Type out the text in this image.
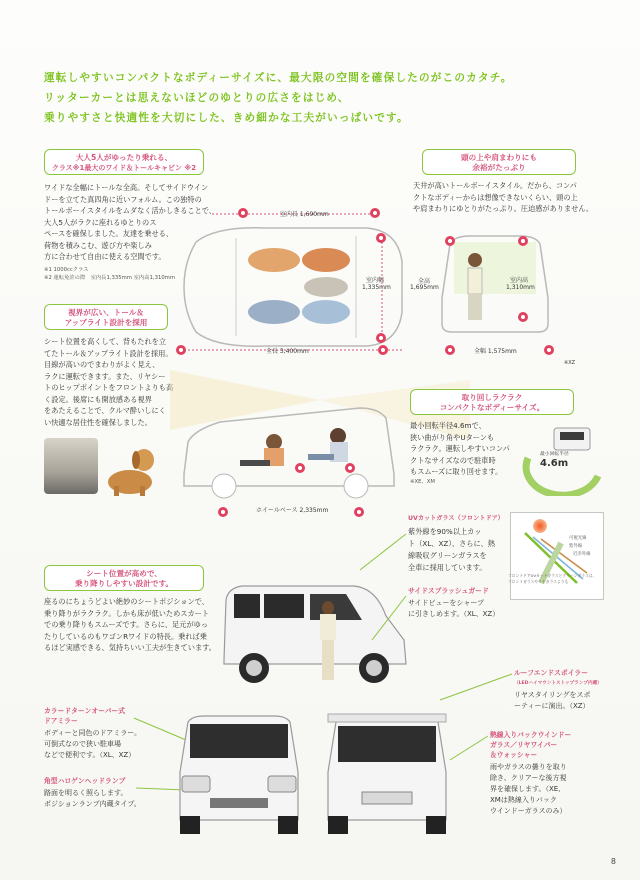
運転しやすいコンパクトなボディーサイズに、最大限の空間を確保したのがこのカタチ。
リッターカーとは思えないほどのゆとりの広さをはじめ、
乗りやすさと快適性を大切にした、きめ細かな工夫がいっぱいです。
大人5人がゆったり乗れる、
クラス※1最大のワイド＆トールキャビン ※2
ワイドな全幅にトールな全高。そしてサイドウイン
ドーを立てた真四角に近いフォルム。この独特の
トールボーイスタイルをムダなく活かしきることで、
大人5人がラクに座れるゆとりのス
ペースを確保しました。友達を乗せる、
荷物を積みこむ、遊び方や楽しみ
方に合わせて自由に使える空間です。
※1 1000ccクラス
※2 運転免許の際　室内長1,335mm 室内高1,310mm
頭の上や肩まわりにも
余裕がたっぷり
天井が高いトールボーイスタイル。だから、コンパ
クトなボディーからは想像できないくらい、頭の上
や肩まわりにゆとりがたっぷり。圧迫感がありません。
室内長 1,690mm
室内幅
1,335mm
全長 3,400mm
全高
1,695mm
室内高
1,310mm
全幅 1,575mm
※XZ
視界が広い、トール＆
アップライト設計を採用
シート位置を高くして、背もたれを立
てたトール＆アップライト設計を採用。
目線が高いのでまわりがよく見え、
ラクに運転できます。また、リヤシー
トのヒップポイントをフロントよりも高
く設定。後席にも開放感ある視界
をあたえることで、クルマ酔いしにく
い快適な居住性を確保しました。
ホイールベース 2,335mm
取り回しラクラク
コンパクトなボディーサイズ。
最小回転半径4.6mで、
狭い曲がり角やUターンも
ラクラク。運転しやすいコンパ
クトなサイズなので駐車時
もスムーズに取り回せます。
※XE、XM
最小回転半径
4.6m
UVカットガラス（フロントドア）
紫外線を90%以上カッ
ト（XL、XZ）、さらに、熱
線吸収グリーンガラスを
全車に採用しています。
可視光線
紫外線
近赤外線
フロントドアUVカットガラスとグリーンガラスは、
フロントガラスやリヤガラスよりも
サイドスプラッシュガード
サイドビューをシャープ
に引きしめます。（XL、XZ）
シート位置が高めで、
乗り降りしやすい設計です。
座るのにちょうどよい絶妙のシートポジションで、
乗り降りがラクラク。しかも床が低いためスカート
での乗り降りもスムーズです。さらに、足元がゆっ
たりしているのもワゴンRワイドの特長。乗れば乗
るほど実感できる、気持ちいい工夫が生きています。
カラードターンオーバー式
ドアミラー
ボディーと同色のドアミラー。
可倒式なので狭い駐車場
などで便利です。（XL、XZ）
角型ハロゲンヘッドランプ
路面を明るく照らします。
ポジションランプ内蔵タイプ。
ルーフエンドスポイラー
（LEDハイマウントストップランプ内蔵）
リヤスタイリングをスポ
ーティーに演出。（XZ）
熱線入りバックウインドー
ガラス／リヤワイパー
＆ウォッシャー
雨やガラスの曇りを取り
除き、クリアーな後方視
界を確保します。（XE、
XMは熱線入りバック
ウインドーガラスのみ）
8
